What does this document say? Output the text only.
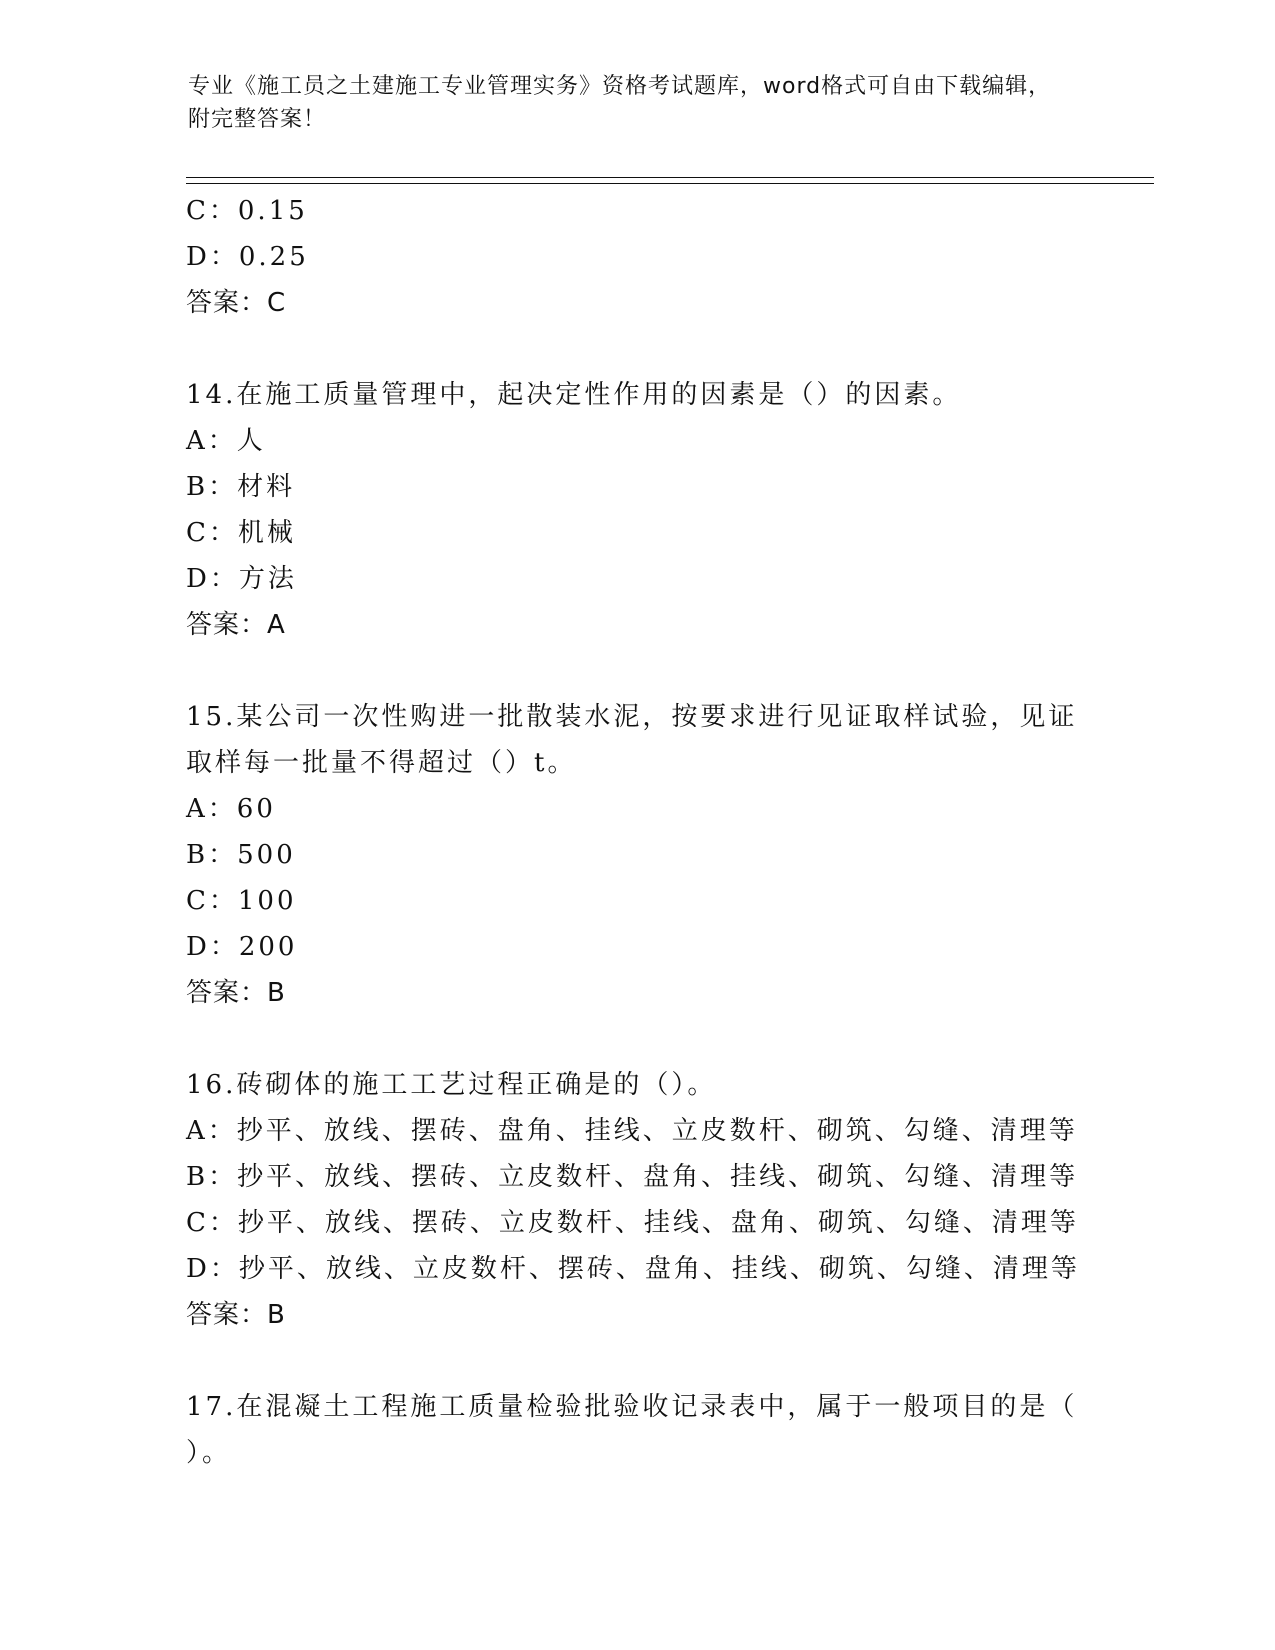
专业《施工员之土建施工专业管理实务》资格考试题库，word格式可自由下载编辑，附完整答案！
C：0.15
D：0.25
答案：C
14.在施工质量管理中，起决定性作用的因素是（）的因素。
A：人
B：材料
C：机械
D：方法
答案：A
15.某公司一次性购进一批散装水泥，按要求进行见证取样试验，见证
取样每一批量不得超过（）t。
A：60
B：500
C：100
D：200
答案：B
16.砖砌体的施工工艺过程正确是的（）。
A：抄平、放线、摆砖、盘角、挂线、立皮数杆、砌筑、勾缝、清理等
B：抄平、放线、摆砖、立皮数杆、盘角、挂线、砌筑、勾缝、清理等
C：抄平、放线、摆砖、立皮数杆、挂线、盘角、砌筑、勾缝、清理等
D：抄平、放线、立皮数杆、摆砖、盘角、挂线、砌筑、勾缝、清理等
答案：B
17.在混凝土工程施工质量检验批验收记录表中，属于一般项目的是（
）。
